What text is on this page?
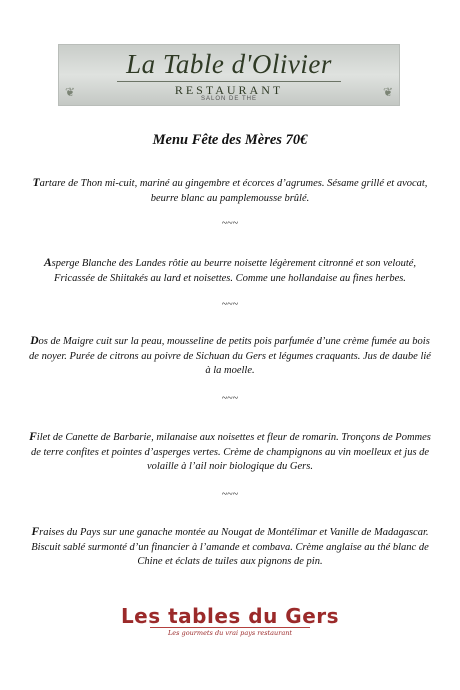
❦	❦
La Table d'Olivier
RESTAURANT
SALON DE THE
Menu Fête des Mères 70€
Tartare de Thon mi-cuit, mariné au gingembre et écorces d’agrumes. Sésame grillé et avocat, beurre blanc au pamplemousse brûlé.
~~~
Asperge Blanche des Landes rôtie au beurre noisette légèrement citronné et son velouté, Fricassée de Shiitakés au lard et noisettes. Comme une hollandaise au fines herbes.
~~~
Dos de Maigre cuit sur la peau, mousseline de petits pois parfumée d’une crème fumée au bois de noyer. Purée de citrons au poivre de Sichuan du Gers et légumes craquants. Jus de daube lié à la moelle.
~~~
Filet de Canette de Barbarie, milanaise aux noisettes et fleur de romarin. Tronçons de Pommes de terre confites et pointes d’asperges vertes. Crème de champignons au vin moelleux et jus de volaille à l’ail noir biologique du Gers.
~~~
Fraises du Pays sur une ganache montée au Nougat de Montélimar et Vanille de Madagascar. Biscuit sablé surmonté d’un financier à l’amande et combava. Crème anglaise au thé blanc de Chine et éclats de tuiles aux pignons de pin.
Les tables du Gers
Les gourmets du vrai pays restaurant
